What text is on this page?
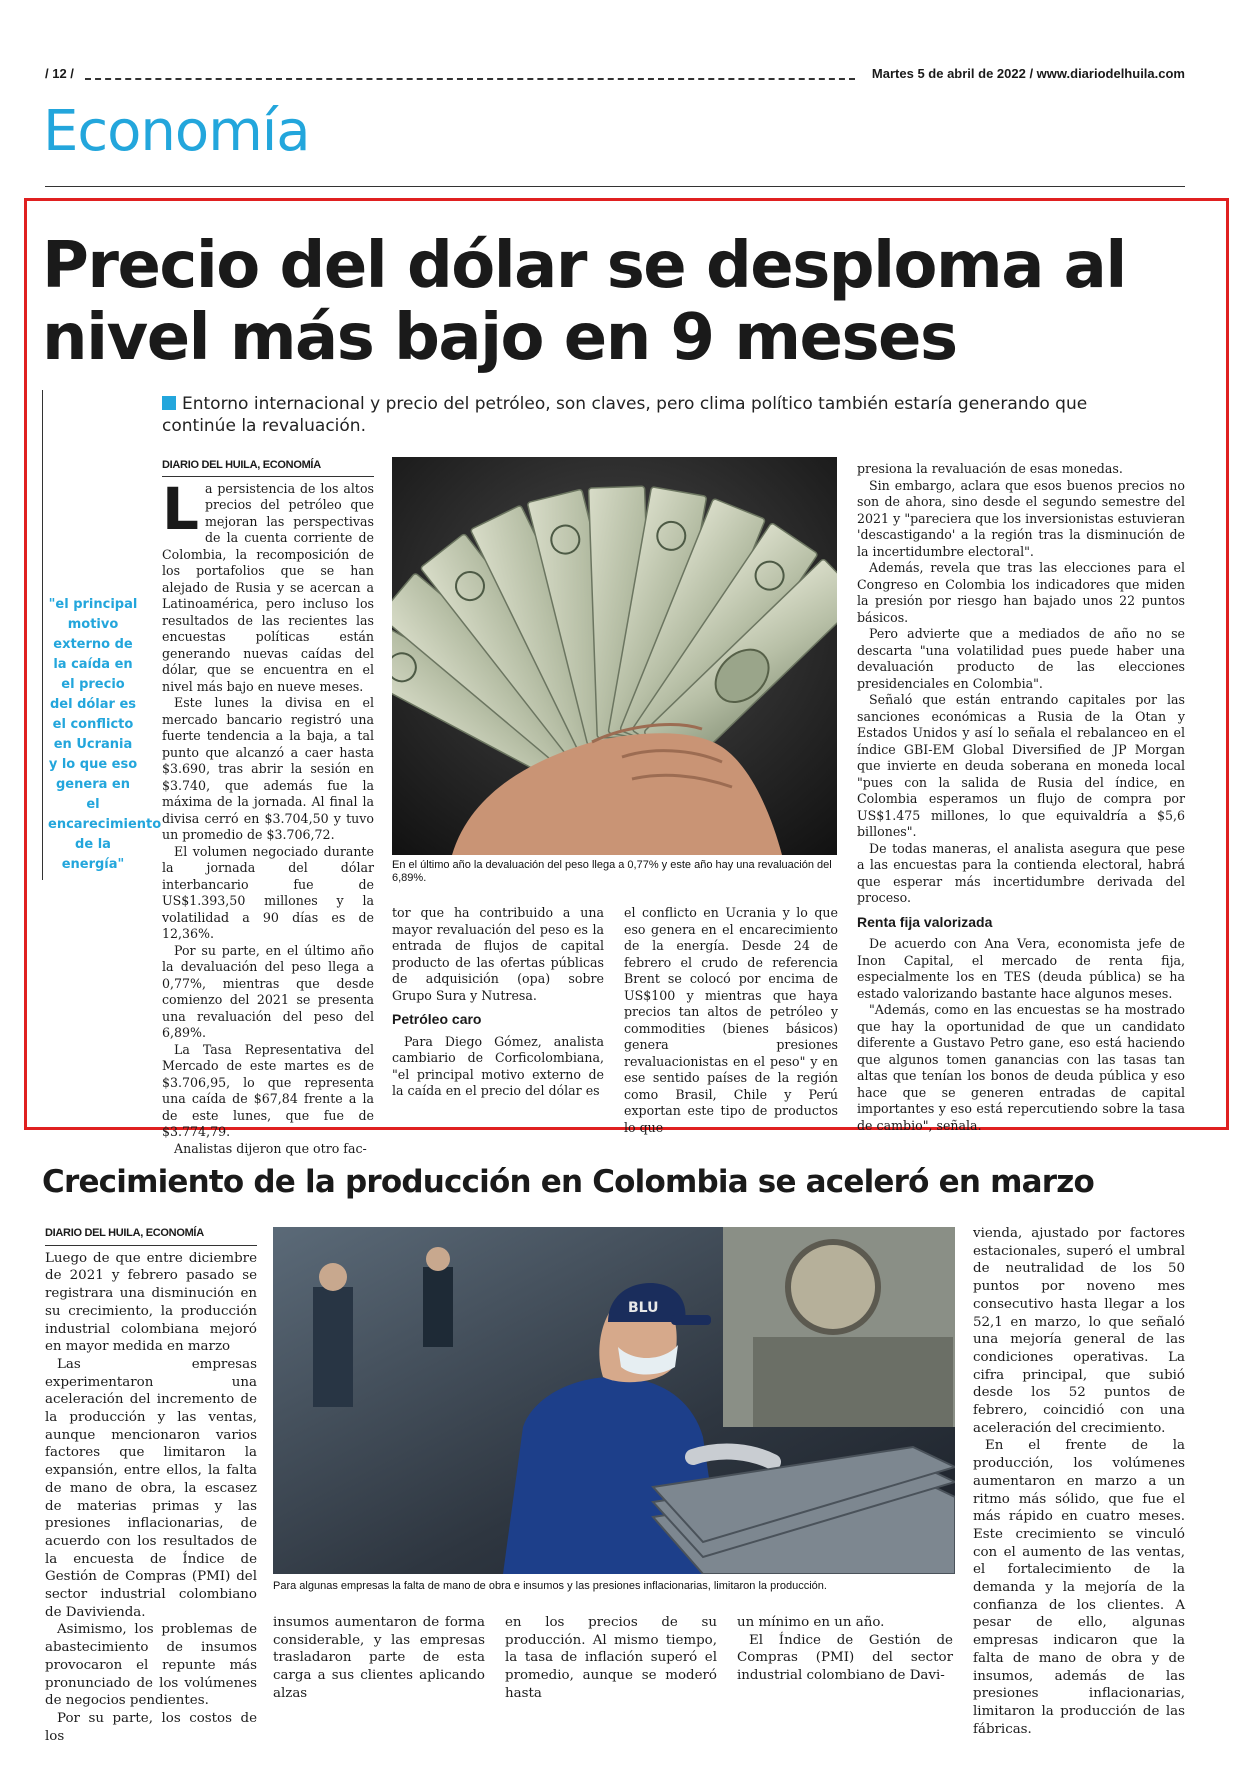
/ 12 /	Martes 5 de abril de 2022 / www.diariodelhuila.com
Economía
Precio del dólar se desploma al
nivel más bajo en 9 meses
Entorno internacional y precio del petróleo, son claves, pero clima político también estaría generando que continúe la revaluación.
"el principal motivo externo de la caída en el precio del dólar es el conflicto en Ucrania y lo que eso genera en el encarecimiento de la energía"
DIARIO DEL HUILA, ECONOMÍA

La persistencia de los altos precios del petróleo que mejoran las perspectivas de la cuenta corriente de Colombia, la recomposición de los portafolios que se han alejado de Rusia y se acercan a Latinoamérica, pero incluso los resultados de las recientes las encuestas políticas están generando nuevas caídas del dólar, que se encuentra en el nivel más bajo en nueve meses.

Este lunes la divisa en el mercado bancario registró una fuerte tendencia a la baja, a tal punto que alcanzó a caer hasta $3.690, tras abrir la sesión en $3.740, que además fue la máxima de la jornada. Al final la divisa cerró en $3.704,50 y tuvo un promedio de $3.706,72.

El volumen negociado durante la jornada del dólar interbancario fue de US$1.393,50 millones y la volatilidad a 90 días es de 12,36%.

Por su parte, en el último año la devaluación del peso llega a 0,77%, mientras que desde comienzo del 2021 se presenta una revaluación del peso del 6,89%.

La Tasa Representativa del Mercado de este martes es de $3.706,95, lo que representa una caída de $67,84 frente a la de este lunes, que fue de $3.774,79.

Analistas dijeron que otro fac-

En el último año la devaluación del peso llega a 0,77% y este año hay una revaluación del 6,89%.

tor que ha contribuido a una mayor revaluación del peso es la entrada de flujos de capital producto de las ofertas públicas de adquisición (opa) sobre Grupo Sura y Nutresa.

Petróleo caro

Para Diego Gómez, analista cambiario de Corficolombiana, "el principal motivo externo de la caída en el precio del dólar es

el conflicto en Ucrania y lo que eso genera en el encarecimiento de la energía. Desde 24 de febrero el crudo de referencia Brent se colocó por encima de US$100 y mientras que haya precios tan altos de petróleo y commodities (bienes básicos) genera presiones revaluacionistas en el peso" y en ese sentido países de la región como Brasil, Chile y Perú exportan este tipo de productos lo que

presiona la revaluación de esas monedas.

Sin embargo, aclara que esos buenos precios no son de ahora, sino desde el segundo semestre del 2021 y "pareciera que los inversionistas estuvieran 'descastigando' a la región tras la disminución de la incertidumbre electoral".

Además, revela que tras las elecciones para el Congreso en Colombia los indicadores que miden la presión por riesgo han bajado unos 22 puntos básicos.

Pero advierte que a mediados de año no se descarta "una volatilidad pues puede haber una devaluación producto de las elecciones presidenciales en Colombia".

Señaló que están entrando capitales por las sanciones económicas a Rusia de la Otan y Estados Unidos y así lo señala el rebalanceo en el índice GBI-EM Global Diversified de JP Morgan que invierte en deuda soberana en moneda local "pues con la salida de Rusia del índice, en Colombia esperamos un flujo de compra por US$1.475 millones, lo que equivaldría a $5,6 billones".

De todas maneras, el analista asegura que pese a las encuestas para la contienda electoral, habrá que esperar más incertidumbre derivada del proceso.

Renta fija valorizada

De acuerdo con Ana Vera, economista jefe de Inon Capital, el mercado de renta fija, especialmente los en TES (deuda pública) se ha estado valorizando bastante hace algunos meses.

"Además, como en las encuestas se ha mostrado que hay la oportunidad de que un candidato diferente a Gustavo Petro gane, eso está haciendo que algunos tomen ganancias con las tasas tan altas que tenían los bonos de deuda pública y eso hace que se generen entradas de capital importantes y eso está repercutiendo sobre la tasa de cambio", señala.

Crecimiento de la producción en Colombia se aceleró en marzo
DIARIO DEL HUILA, ECONOMÍA

Luego de que entre diciembre de 2021 y febrero pasado se registrara una disminución en su crecimiento, la producción industrial colombiana mejoró en mayor medida en marzo

Las empresas experimentaron una aceleración del incremento de la producción y las ventas, aunque mencionaron varios factores que limitaron la expansión, entre ellos, la falta de mano de obra, la escasez de materias primas y las presiones inflacionarias, de acuerdo con los resultados de la encuesta de Índice de Gestión de Compras (PMI) del sector industrial colombiano de Davivienda.

Asimismo, los problemas de abastecimiento de insumos provocaron el repunte más pronunciado de los volúmenes de negocios pendientes.

Por su parte, los costos de los

BLU
Para algunas empresas la falta de mano de obra e insumos y las presiones inflacionarias, limitaron la producción.

insumos aumentaron de forma considerable, y las empresas trasladaron parte de esta carga a sus clientes aplicando alzas

en los precios de su producción. Al mismo tiempo, la tasa de inflación superó el promedio, aunque se moderó hasta

un mínimo en un año.

El Índice de Gestión de Compras (PMI) del sector industrial colombiano de Davi-

vienda, ajustado por factores estacionales, superó el umbral de neutralidad de los 50 puntos por noveno mes consecutivo hasta llegar a los 52,1 en marzo, lo que señaló una mejoría general de las condiciones operativas. La cifra principal, que subió desde los 52 puntos de febrero, coincidió con una aceleración del crecimiento.

En el frente de la producción, los volúmenes aumentaron en marzo a un ritmo más sólido, que fue el más rápido en cuatro meses. Este crecimiento se vinculó con el aumento de las ventas, el fortalecimiento de la demanda y la mejoría de la confianza de los clientes. A pesar de ello, algunas empresas indicaron que la falta de mano de obra y de insumos, además de las presiones inflacionarias, limitaron la producción de las fábricas.
